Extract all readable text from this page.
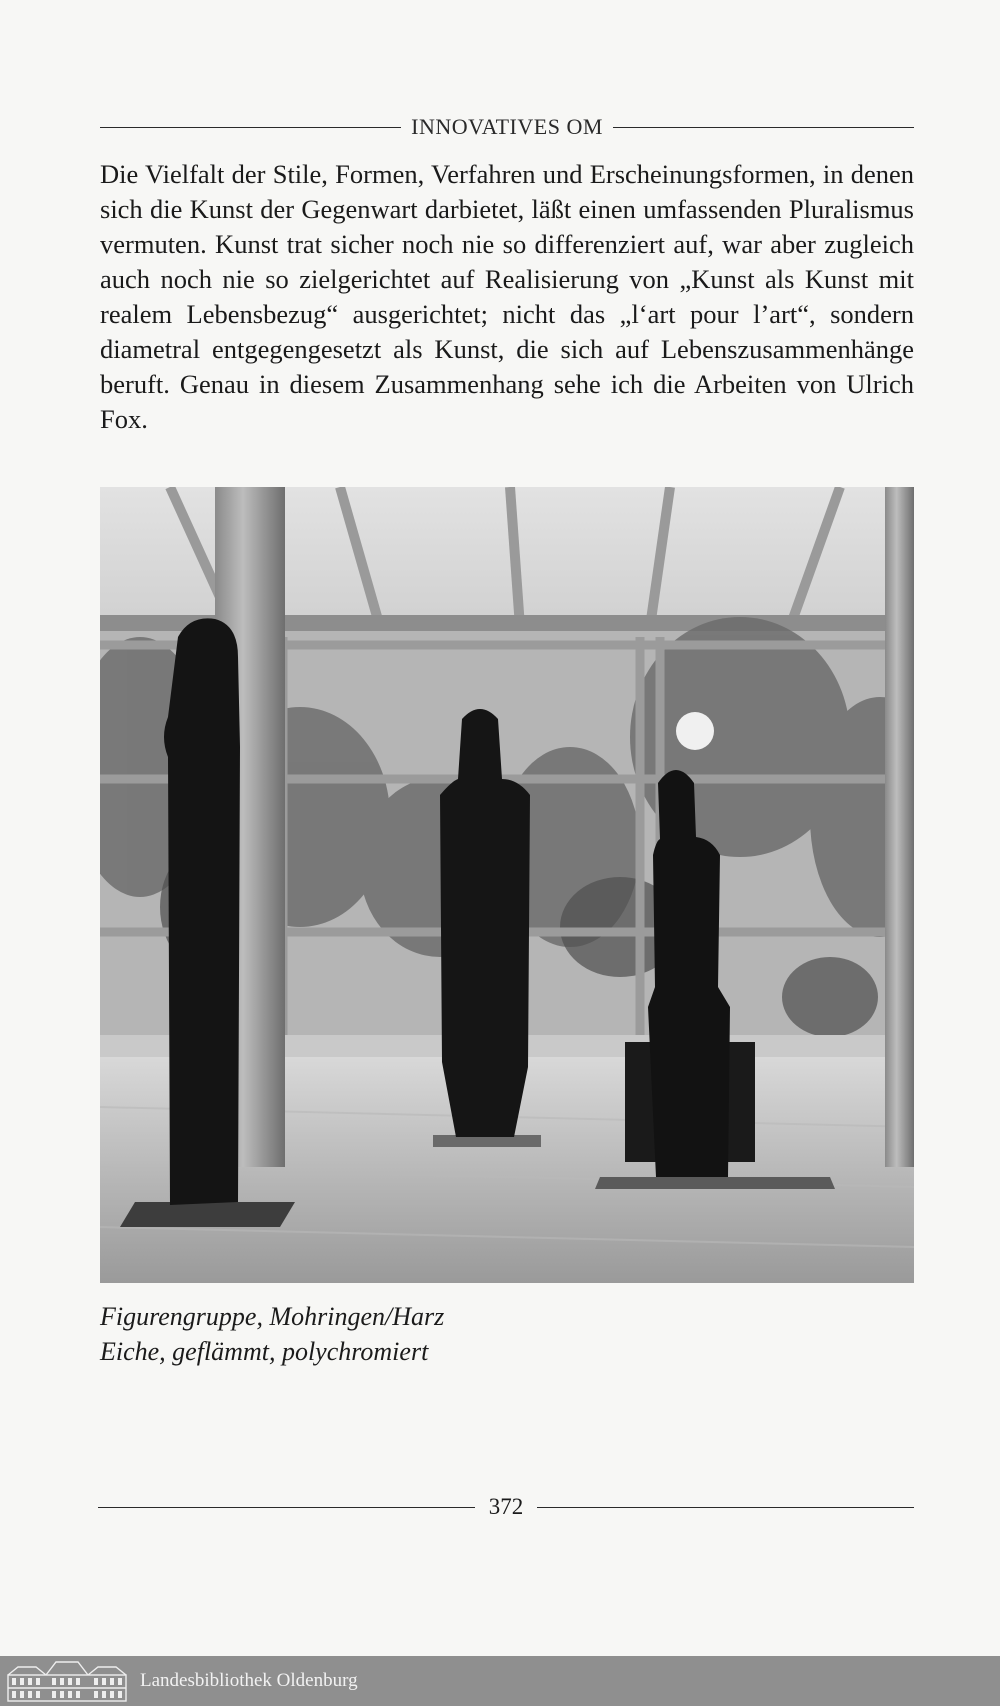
INNOVATIVES OM
Die Vielfalt der Stile, Formen, Verfahren und Erscheinungsformen, in denen sich die Kunst der Gegenwart darbietet, läßt einen umfassenden Pluralismus vermuten. Kunst trat sicher noch nie so differenziert auf, war aber zugleich auch noch nie so zielgerichtet auf Realisierung von „Kunst als Kunst mit realem Lebensbezug“ ausgerichtet; nicht das „l‘art pour l’art“, sondern diametral entgegengesetzt als Kunst, die sich auf Lebenszusammenhänge beruft. Genau in diesem Zusammenhang sehe ich die Arbeiten von Ulrich Fox.
Figurengruppe, Mohringen/Harz
Eiche, geflämmt, polychromiert
372
Landesbibliothek Oldenburg
